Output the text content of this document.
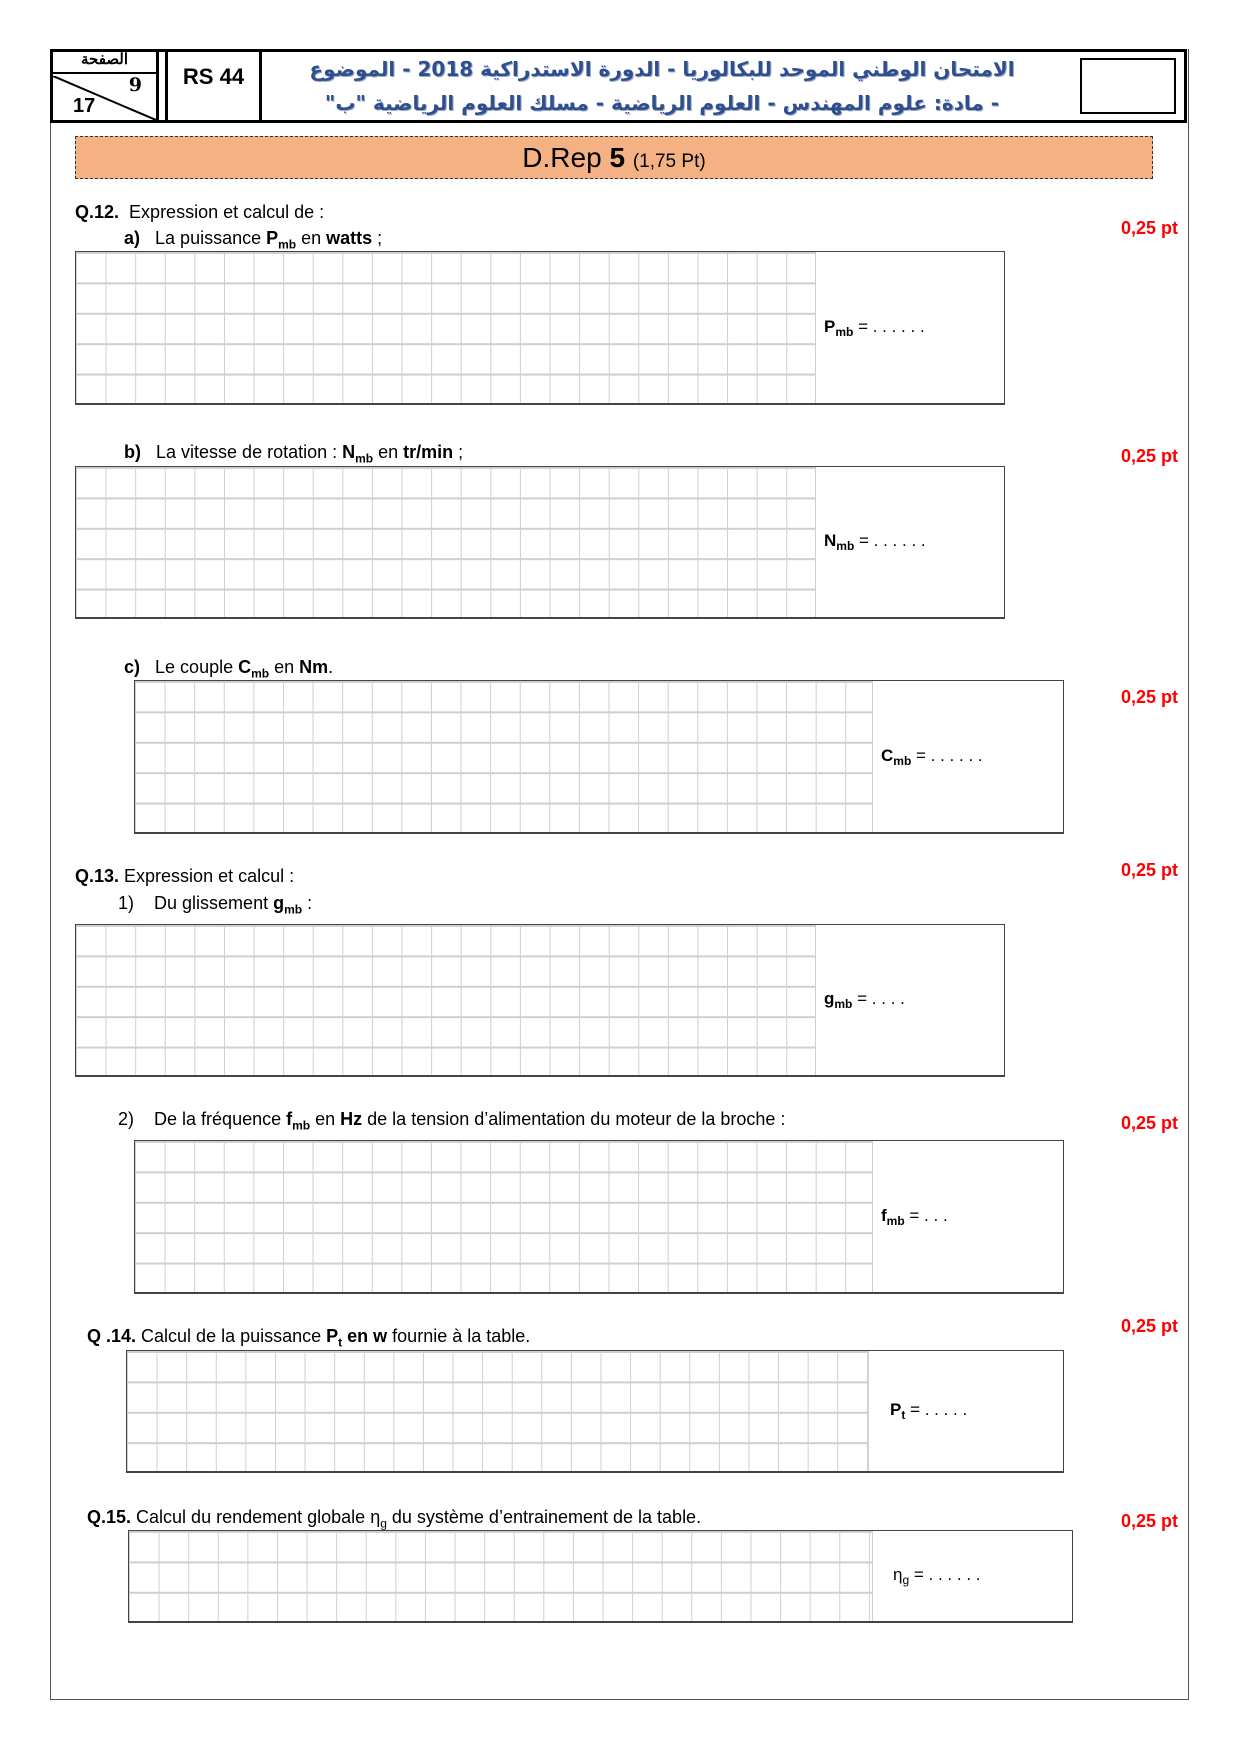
الصفحة
9
17
RS 44	الامتحان الوطني الموحد للبكالوريا - الدورة الاستدراكية 2018 - الموضوع
- مادة: علوم المهندس - العلوم الرياضية - مسلك العلوم الرياضية "ب"
D.Rep 5 (1,75 Pt)
Q.12. Expression et calcul de :
a) La puissance $P_{mb}$ en watts ;	0,25 pt
$P_{mb}$ = . . . . . .
b) La vitesse de rotation : $N_{mb}$ en tr/min ;	0,25 pt
$N_{mb}$ = . . . . . .
c) Le couple $C_{mb}$ en Nm.
0,25 pt
$C_{mb}$ = . . . . . .
Q.13. Expression et calcul :	0,25 pt
1) Du glissement $g_{mb}$ :
$g_{mb}$ = . . . .
2) De la fréquence $f_{mb}$ en Hz de la tension d’alimentation du moteur de la broche :	0,25 pt
$f_{mb}$ = . . .
Q .14. Calcul de la puissance $P_t$ en w fournie à la table.	0,25 pt
$P_t$ = . . . . .
Q.15. Calcul du rendement globale $\eta_g$ du système d’entrainement de la table.	0,25 pt
$\eta_g$ = . . . . . .
